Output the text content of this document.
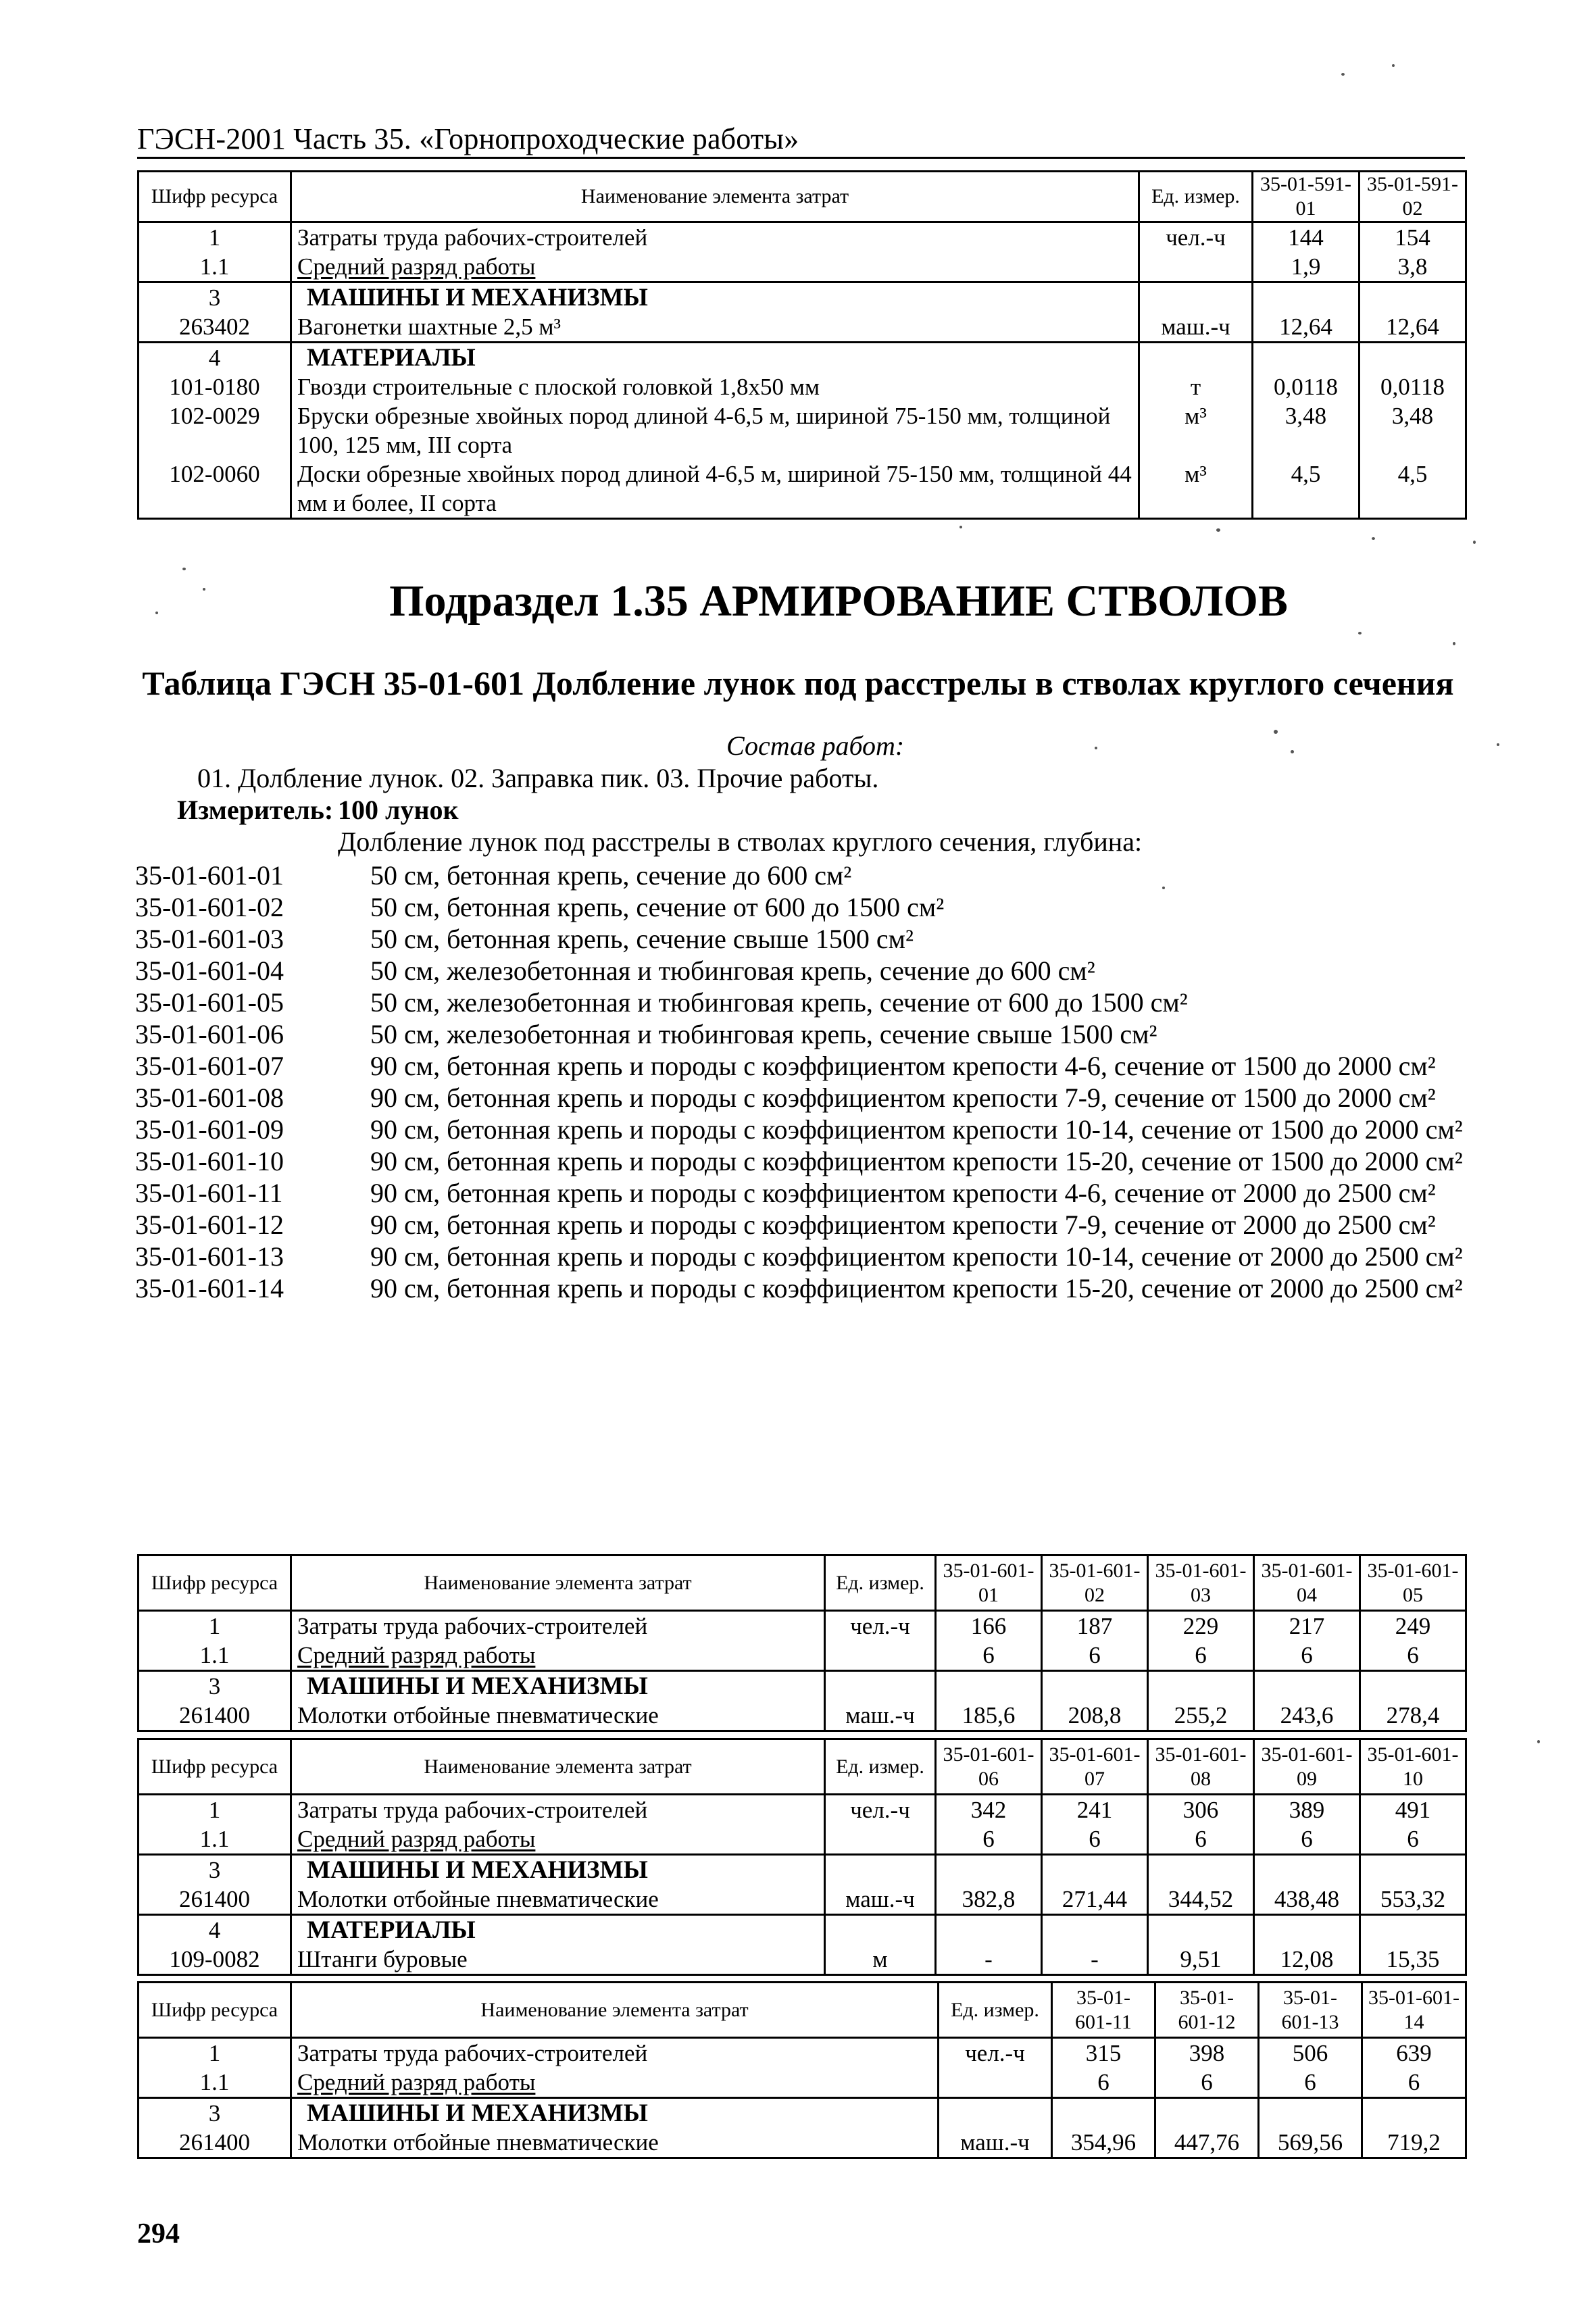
ГЭСН-2001 Часть 35. «Горнопроходческие работы»
Шифр ресурса	Наименование элемента затрат	Ед. измер.	35-01-591-01	35-01-591-02
1	Затраты труда рабочих-строителей	чел.-ч	144	154
1.1	Средний разряд работы		1,9	3,8
3	МАШИНЫ И МЕХАНИЗМЫ			
263402	Вагонетки шахтные 2,5 м³	маш.-ч	12,64	12,64
4	МАТЕРИАЛЫ			
101-0180	Гвозди строительные с плоской головкой 1,8x50 мм	т	0,0118	0,0118
102-0029	Бруски обрезные хвойных пород длиной 4-6,5 м, шириной 75-150 мм, толщиной 100, 125 мм, III сорта	м³	3,48	3,48
102-0060	Доски обрезные хвойных пород длиной 4-6,5 м, шириной 75-150 мм, толщиной 44 мм и более, II сорта	м³	4,5	4,5
Подраздел 1.35 АРМИРОВАНИЕ СТВОЛОВ
Таблица ГЭСН 35-01-601 Долбление лунок под расстрелы в стволах круглого сечения
Состав работ:
01. Долбление лунок. 02. Заправка пик. 03. Прочие работы.
Измеритель: 100 лунок
Долбление лунок под расстрелы в стволах круглого сечения, глубина:
35-01-601-01	50 см, бетонная крепь, сечение до 600 см²
35-01-601-02	50 см, бетонная крепь, сечение от 600 до 1500 см²
35-01-601-03	50 см, бетонная крепь, сечение свыше 1500 см²
35-01-601-04	50 см, железобетонная и тюбинговая крепь, сечение до 600 см²
35-01-601-05	50 см, железобетонная и тюбинговая крепь, сечение от 600 до 1500 см²
35-01-601-06	50 см, железобетонная и тюбинговая крепь, сечение свыше 1500 см²
35-01-601-07	90 см, бетонная крепь и породы с коэффициентом крепости 4-6, сечение от 1500 до 2000 см²
35-01-601-08	90 см, бетонная крепь и породы с коэффициентом крепости 7-9, сечение от 1500 до 2000 см²
35-01-601-09	90 см, бетонная крепь и породы с коэффициентом крепости 10-14, сечение от 1500 до 2000 см²
35-01-601-10	90 см, бетонная крепь и породы с коэффициентом крепости 15-20, сечение от 1500 до 2000 см²
35-01-601-11	90 см, бетонная крепь и породы с коэффициентом крепости 4-6, сечение от 2000 до 2500 см²
35-01-601-12	90 см, бетонная крепь и породы с коэффициентом крепости 7-9, сечение от 2000 до 2500 см²
35-01-601-13	90 см, бетонная крепь и породы с коэффициентом крепости 10-14, сечение от 2000 до 2500 см²
35-01-601-14	90 см, бетонная крепь и породы с коэффициентом крепости 15-20, сечение от 2000 до 2500 см²
Шифр ресурса	Наименование элемента затрат	Ед. измер.	35-01-601-01	35-01-601-02	35-01-601-03	35-01-601-04	35-01-601-05
1	Затраты труда рабочих-строителей	чел.-ч	166	187	229	217	249
1.1	Средний разряд работы		6	6	6	6	6
3	МАШИНЫ И МЕХАНИЗМЫ						
261400	Молотки отбойные пневматические	маш.-ч	185,6	208,8	255,2	243,6	278,4
Шифр ресурса	Наименование элемента затрат	Ед. измер.	35-01-601-06	35-01-601-07	35-01-601-08	35-01-601-09	35-01-601-10
1	Затраты труда рабочих-строителей	чел.-ч	342	241	306	389	491
1.1	Средний разряд работы		6	6	6	6	6
3	МАШИНЫ И МЕХАНИЗМЫ						
261400	Молотки отбойные пневматические	маш.-ч	382,8	271,44	344,52	438,48	553,32
4	МАТЕРИАЛЫ						
109-0082	Штанги буровые	м	-	-	9,51	12,08	15,35
Шифр ресурса	Наименование элемента затрат	Ед. измер.	35-01-601-11	35-01-601-12	35-01-601-13	35-01-601-14
1	Затраты труда рабочих-строителей	чел.-ч	315	398	506	639
1.1	Средний разряд работы		6	6	6	6
3	МАШИНЫ И МЕХАНИЗМЫ					
261400	Молотки отбойные пневматические	маш.-ч	354,96	447,76	569,56	719,2
294
